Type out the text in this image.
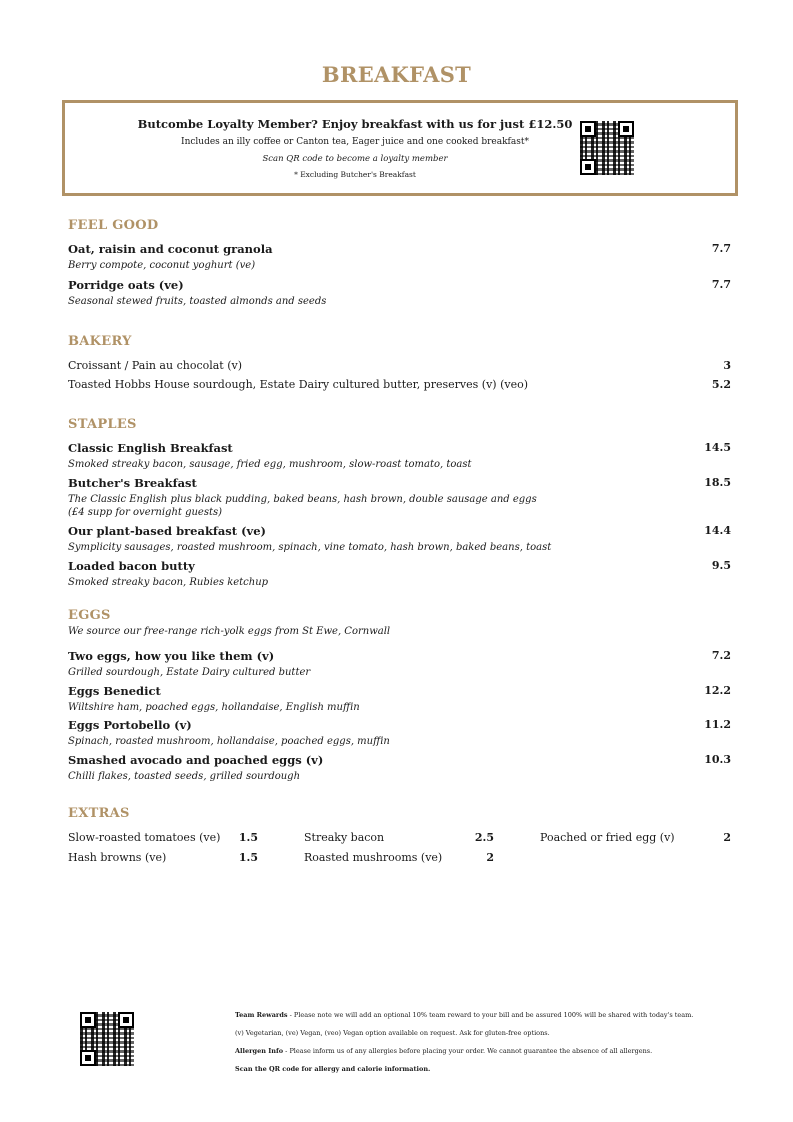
BREAKFAST
Butcombe Loyalty Member? Enjoy breakfast with us for just £12.50
Includes an illy coffee or Canton tea, Eager juice and one cooked breakfast*
Scan QR code to become a loyalty member
* Excluding Butcher's Breakfast
FEEL GOOD
Oat, raisin and coconut granola
Berry compote, coconut yoghurt (ve)
7.7
Porridge oats (ve)
Seasonal stewed fruits, toasted almonds and seeds
7.7
BAKERY
Croissant / Pain au chocolat (v)	3
Toasted Hobbs House sourdough, Estate Dairy cultured butter, preserves (v) (veo)	5.2
STAPLES
Classic English Breakfast
Smoked streaky bacon, sausage, fried egg, mushroom, slow-roast tomato, toast
14.5
Butcher's Breakfast
The Classic English plus black pudding, baked beans, hash brown, double sausage and eggs
(£4 supp for overnight guests)
18.5
Our plant-based breakfast (ve)
Symplicity sausages, roasted mushroom, spinach, vine tomato, hash brown, baked beans, toast
14.4
Loaded bacon butty
Smoked streaky bacon, Rubies ketchup
9.5
EGGS
We source our free-range rich-yolk eggs from St Ewe, Cornwall
Two eggs, how you like them (v)
Grilled sourdough, Estate Dairy cultured butter
7.2
Eggs Benedict
Wiltshire ham, poached eggs, hollandaise, English muffin
12.2
Eggs Portobello (v)
Spinach, roasted mushroom, hollandaise, poached eggs, muffin
11.2
Smashed avocado and poached eggs (v)
Chilli flakes, toasted seeds, grilled sourdough
10.3
EXTRAS
Slow-roasted tomatoes (ve)	1.5	Streaky bacon	2.5	Poached or fried egg (v)	2
Hash browns (ve)	1.5	Roasted mushrooms (ve)	2
Team Rewards - Please note we will add an optional 10% team reward to your bill and be assured 100% will be shared with today's team.
(v) Vegetarian, (ve) Vegan, (veo) Vegan option available on request. Ask for gluten-free options.
Allergen Info - Please inform us of any allergies before placing your order. We cannot guarantee the absence of all allergens.
Scan the QR code for allergy and calorie information.
